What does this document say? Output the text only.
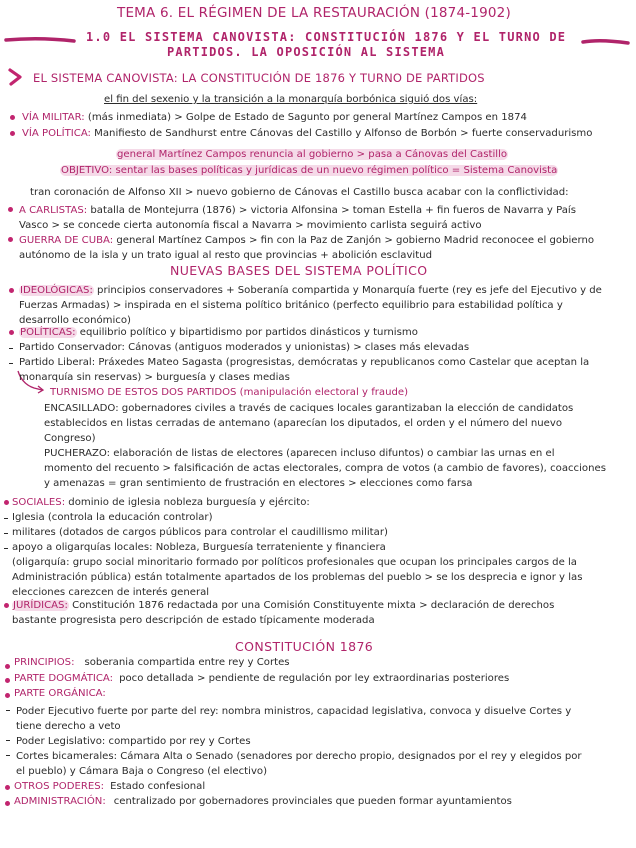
TEMA 6. EL RÉGIMEN DE LA RESTAURACIÓN (1874-1902)
1.0 EL SISTEMA CANOVISTA: CONSTITUCIÓN 1876 Y EL TURNO DE
PARTIDOS. LA OPOSICIÓN AL SISTEMA
EL SISTEMA CANOVISTA: LA CONSTITUCIÓN DE 1876 Y TURNO DE PARTIDOS
el fin del sexenio y la transición a la monarquía borbónica siguió dos vías:
VÍA MILITAR: (más inmediata) > Golpe de Estado de Sagunto por general Martínez Campos en 1874
VÍA POLÍTICA: Manifiesto de Sandhurst entre Cánovas del Castillo y Alfonso de Borbón > fuerte conservadurismo
general Martínez Campos renuncia al gobierno > pasa a Cánovas del Castillo
OBJETIVO: sentar las bases políticas y jurídicas de un nuevo régimen político = Sistema Canovista
tran coronación de Alfonso XII > nuevo gobierno de Cánovas el Castillo busca acabar con la conflictividad:
A CARLISTAS: batalla de Montejurra (1876) > victoria Alfonsina > toman Estella + fin fueros de Navarra y País
Vasco > se concede cierta autonomía fiscal a Navarra > movimiento carlista seguirá activo
GUERRA DE CUBA: general Martínez Campos > fin con la Paz de Zanjón > gobierno Madrid reconocee el gobierno
autónomo de la isla y un trato igual al resto que provincias + abolición esclavitud
NUEVAS BASES DEL SISTEMA POLÍTICO
IDEOLÓGICAS: principios conservadores + Soberanía compartida y Monarquía fuerte (rey es jefe del Ejecutivo y de
Fuerzas Armadas) > inspirada en el sistema político británico (perfecto equilibrio para estabilidad política y
desarrollo económico)
POLÍTICAS: equilibrio político y bipartidismo por partidos dinásticos y turnismo
Partido Conservador: Cánovas (antiguos moderados y unionistas) > clases más elevadas
Partido Liberal: Práxedes Mateo Sagasta (progresistas, demócratas y republicanos como Castelar que aceptan la
monarquía sin reservas) > burguesía y clases medias
TURNISMO DE ESTOS DOS PARTIDOS (manipulación electoral y fraude)
ENCASILLADO: gobernadores civiles a través de caciques locales garantizaban la elección de candidatos
establecidos en listas cerradas de antemano (aparecían los diputados, el orden y el número del nuevo
Congreso)
PUCHERAZO: elaboración de listas de electores (aparecen incluso difuntos) o cambiar las urnas en el
momento del recuento > falsificación de actas electorales, compra de votos (a cambio de favores), coacciones
y amenazas = gran sentimiento de frustración en electores > elecciones como farsa
SOCIALES: dominio de iglesia nobleza burguesía y ejército:
Iglesia (controla la educación controlar)
militares (dotados de cargos públicos para controlar el caudillismo militar)
apoyo a oligarquías locales: Nobleza, Burguesía terrateniente y financiera
(oligarquía: grupo social minoritario formado por políticos profesionales que ocupan los principales cargos de la
Administración pública) están totalmente apartados de los problemas del pueblo > se los desprecia e ignor y las
elecciones carezcen de interés general
JURÍDICAS: Constitución 1876 redactada por una Comisión Constituyente mixta > declaración de derechos
bastante progresista pero descripción de estado típicamente moderada
CONSTITUCIÓN 1876
PRINCIPIOS: soberania compartida entre rey y Cortes
PARTE DOGMÁTICA: poco detallada > pendiente de regulación por ley extraordinarias posteriores
PARTE ORGÁNICA:
Poder Ejecutivo fuerte por parte del rey: nombra ministros, capacidad legislativa, convoca y disuelve Cortes y
tiene derecho a veto
Poder Legislativo: compartido por rey y Cortes
Cortes bicamerales: Cámara Alta o Senado (senadores por derecho propio, designados por el rey y elegidos por
el pueblo) y Cámara Baja o Congreso (el electivo)
OTROS PODERES: Estado confesional
ADMINISTRACIÓN: centralizado por gobernadores provinciales que pueden formar ayuntamientos
